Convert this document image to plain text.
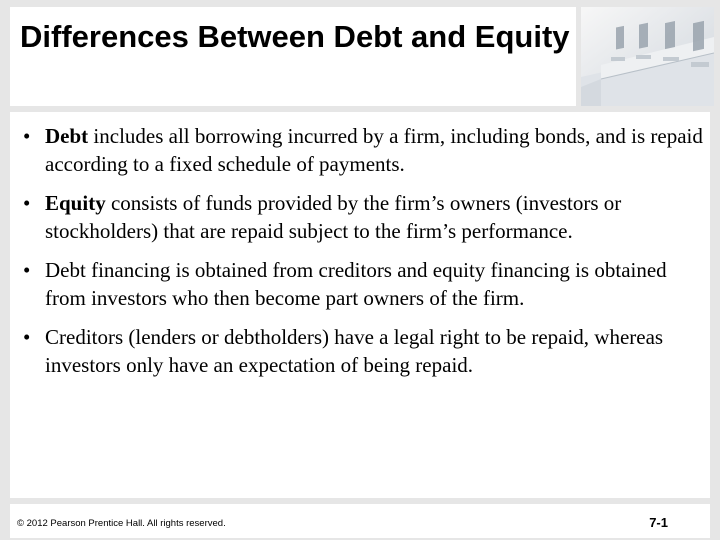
Differences Between Debt and Equity
• Debt includes all borrowing incurred by a firm, including bonds, and is repaid according to a fixed schedule of payments.
• Equity consists of funds provided by the firm’s owners (investors or stockholders) that are repaid subject to the firm’s performance.
• Debt financing is obtained from creditors and equity financing is obtained from investors who then become part owners of the firm.
• Creditors (lenders or debtholders) have a legal right to be repaid, whereas investors only have an expectation of being repaid.
© 2012 Pearson Prentice Hall. All rights reserved.	7-1
